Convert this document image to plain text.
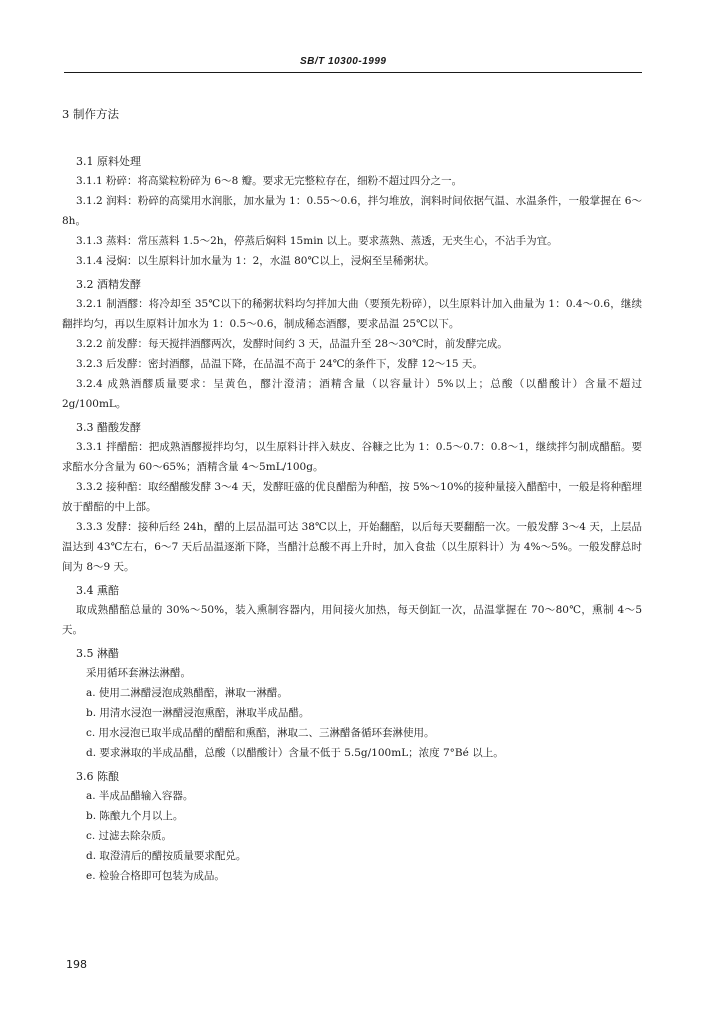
SB/T 10300-1999
3 制作方法
3.1 原料处理

3.1.1 粉碎：将高粱粒粉碎为 6～8 瓣。要求无完整粒存在，细粉不超过四分之一。

3.1.2 润料：粉碎的高粱用水润胀，加水量为 1：0.55～0.6，拌匀堆放，润料时间依据气温、水温条件，一般掌握在 6～8h。

3.1.3 蒸料：常压蒸料 1.5～2h，停蒸后焖料 15min 以上。要求蒸熟、蒸透，无夹生心，不沾手为宜。

3.1.4 浸焖：以生原料计加水量为 1：2，水温 80℃以上，浸焖至呈稀粥状。

3.2 酒精发酵

3.2.1 制酒醪：将冷却至 35℃以下的稀粥状料均匀拌加大曲（要预先粉碎），以生原料计加入曲量为 1：0.4～0.6，继续翻拌均匀，再以生原料计加水为 1：0.5～0.6，制成稀态酒醪，要求品温 25℃以下。

3.2.2 前发酵：每天搅拌酒醪两次，发酵时间约 3 天，品温升至 28～30℃时，前发酵完成。

3.2.3 后发酵：密封酒醪，品温下降，在品温不高于 24℃的条件下，发酵 12～15 天。

3.2.4 成熟酒醪质量要求：呈黄色，醪汁澄清；酒精含量（以容量计）5%以上；总酸（以醋酸计）含量不超过 2g/100mL。

3.3 醋酸发酵

3.3.1 拌醋醅：把成熟酒醪搅拌均匀，以生原料计拌入麸皮、谷糠之比为 1：0.5～0.7：0.8～1，继续拌匀制成醋醅。要求醅水分含量为 60～65%；酒精含量 4～5mL/100g。

3.3.2 接种醅：取经醋酸发酵 3～4 天，发酵旺盛的优良醋醅为种醅，按 5%～10%的接种量接入醋醅中，一般是将种醅埋放于醋醅的中上部。

3.3.3 发酵：接种后经 24h，醋的上层品温可达 38℃以上，开始翻醅，以后每天要翻醅一次。一般发酵 3～4 天，上层品温达到 43℃左右，6～7 天后品温逐渐下降，当醋汁总酸不再上升时，加入食盐（以生原料计）为 4%～5%。一般发酵总时间为 8～9 天。

3.4 熏醅

取成熟醋醅总量的 30%～50%，装入熏制容器内，用间接火加热，每天倒缸一次，品温掌握在 70～80℃，熏制 4～5 天。

3.5 淋醋
采用循环套淋法淋醋。
a. 使用二淋醋浸泡成熟醋醅，淋取一淋醋。
b. 用清水浸泡一淋醋浸泡熏醅，淋取半成品醋。
c. 用水浸泡已取半成品醋的醋醅和熏醅，淋取二、三淋醋备循环套淋使用。
d. 要求淋取的半成品醋，总酸（以醋酸计）含量不低于 5.5g/100mL；浓度 7°Bé 以上。
3.6 陈酿
a. 半成品醋输入容器。
b. 陈酿九个月以上。
c. 过滤去除杂质。
d. 取澄清后的醋按质量要求配兑。
e. 检验合格即可包装为成品。
198
